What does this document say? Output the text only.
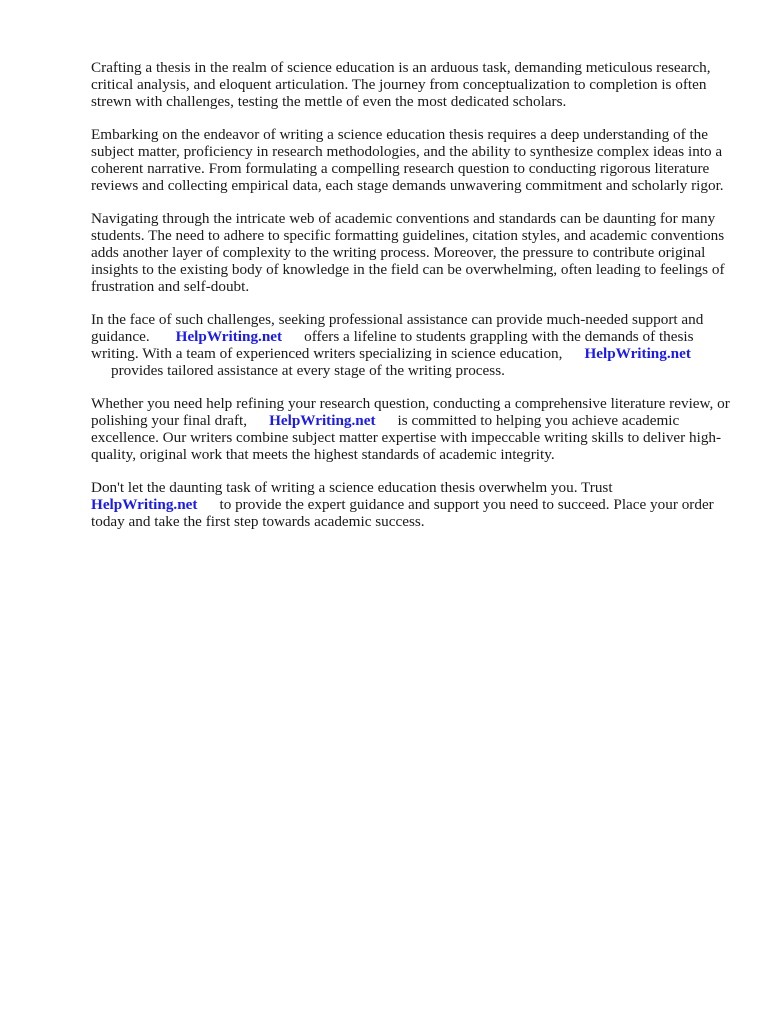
Crafting a thesis in the realm of science education is an arduous task, demanding meticulous research, critical analysis, and eloquent articulation. The journey from conceptualization to completion is often strewn with challenges, testing the mettle of even the most dedicated scholars.

Embarking on the endeavor of writing a science education thesis requires a deep understanding of the subject matter, proficiency in research methodologies, and the ability to synthesize complex ideas into a coherent narrative. From formulating a compelling research question to conducting rigorous literature reviews and collecting empirical data, each stage demands unwavering commitment and scholarly rigor.

Navigating through the intricate web of academic conventions and standards can be daunting for many students. The need to adhere to specific formatting guidelines, citation styles, and academic conventions adds another layer of complexity to the writing process. Moreover, the pressure to contribute original insights to the existing body of knowledge in the field can be overwhelming, often leading to feelings of frustration and self-doubt.

In the face of such challenges, seeking professional assistance can provide much-needed support and guidance. HelpWriting.net offers a lifeline to students grappling with the demands of thesis writing. With a team of experienced writers specializing in science education, HelpWriting.net
provides tailored assistance at every stage of the writing process.

Whether you need help refining your research question, conducting a comprehensive literature review, or polishing your final draft, HelpWriting.net is committed to helping you achieve academic excellence. Our writers combine subject matter expertise with impeccable writing skills to deliver high-quality, original work that meets the highest standards of academic integrity.

Don't let the daunting task of writing a science education thesis overwhelm you. Trust
HelpWriting.net to provide the expert guidance and support you need to succeed. Place your order today and take the first step towards academic success.
